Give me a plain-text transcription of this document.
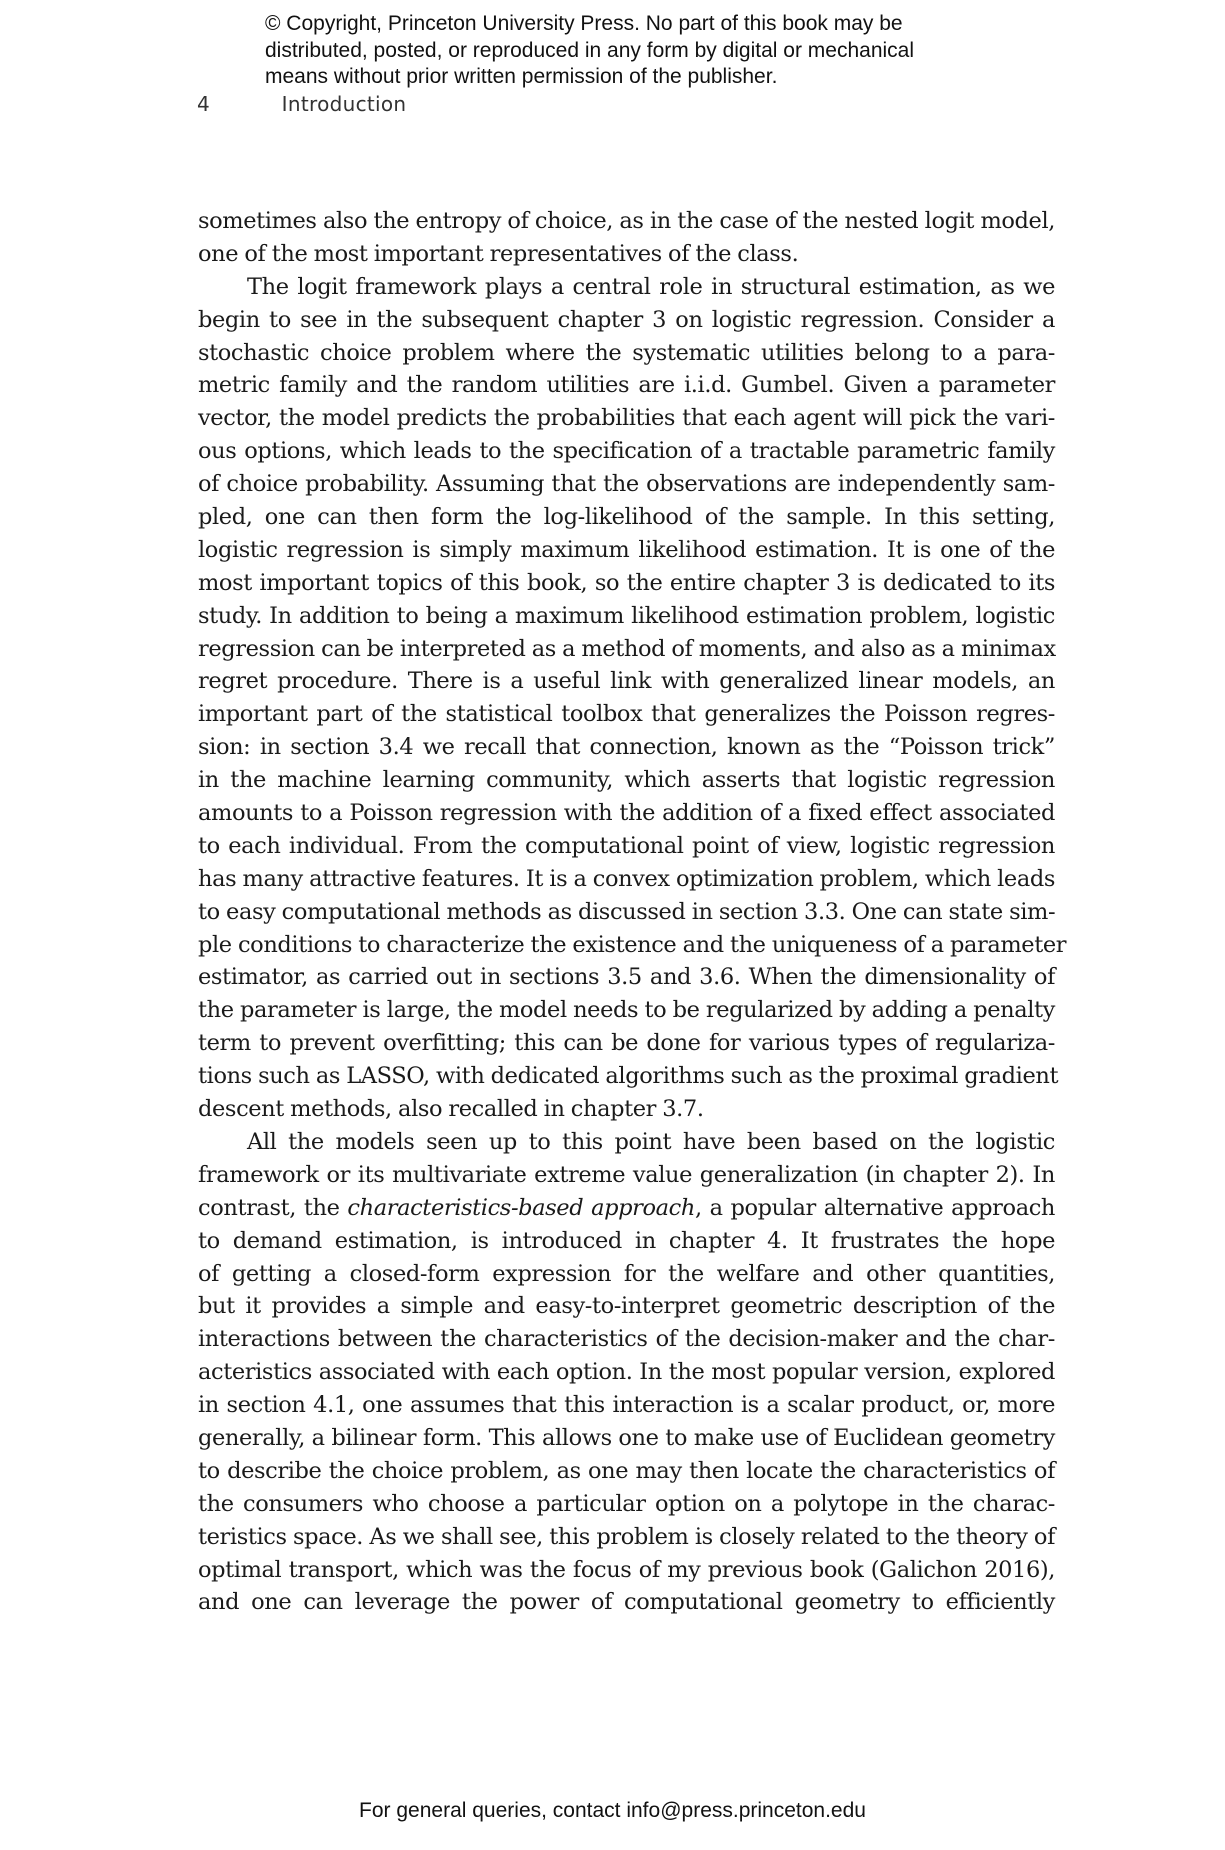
© Copyright, Princeton University Press. No part of this book may be
distributed, posted, or reproduced in any form by digital or mechanical
means without prior written permission of the publisher.
4	Introduction
sometimes also the entropy of choice, as in the case of the nested logit model,
one of the most important representatives of the class.
The logit framework plays a central role in structural estimation, as we
begin to see in the subsequent chapter 3 on logistic regression. Consider a
stochastic choice problem where the systematic utilities belong to a para-
metric family and the random utilities are i.i.d. Gumbel. Given a parameter
vector, the model predicts the probabilities that each agent will pick the vari-
ous options, which leads to the specification of a tractable parametric family
of choice probability. Assuming that the observations are independently sam-
pled, one can then form the log-likelihood of the sample. In this setting,
logistic regression is simply maximum likelihood estimation. It is one of the
most important topics of this book, so the entire chapter 3 is dedicated to its
study. In addition to being a maximum likelihood estimation problem, logistic
regression can be interpreted as a method of moments, and also as a minimax
regret procedure. There is a useful link with generalized linear models, an
important part of the statistical toolbox that generalizes the Poisson regres-
sion: in section 3.4 we recall that connection, known as the “Poisson trick”
in the machine learning community, which asserts that logistic regression
amounts to a Poisson regression with the addition of a fixed effect associated
to each individual. From the computational point of view, logistic regression
has many attractive features. It is a convex optimization problem, which leads
to easy computational methods as discussed in section 3.3. One can state sim-
ple conditions to characterize the existence and the uniqueness of a parameter
estimator, as carried out in sections 3.5 and 3.6. When the dimensionality of
the parameter is large, the model needs to be regularized by adding a penalty
term to prevent overfitting; this can be done for various types of regulariza-
tions such as LASSO, with dedicated algorithms such as the proximal gradient
descent methods, also recalled in chapter 3.7.
All the models seen up to this point have been based on the logistic
framework or its multivariate extreme value generalization (in chapter 2). In
contrast, the characteristics-based approach, a popular alternative approach
to demand estimation, is introduced in chapter 4. It frustrates the hope
of getting a closed-form expression for the welfare and other quantities,
but it provides a simple and easy-to-interpret geometric description of the
interactions between the characteristics of the decision-maker and the char-
acteristics associated with each option. In the most popular version, explored
in section 4.1, one assumes that this interaction is a scalar product, or, more
generally, a bilinear form. This allows one to make use of Euclidean geometry
to describe the choice problem, as one may then locate the characteristics of
the consumers who choose a particular option on a polytope in the charac-
teristics space. As we shall see, this problem is closely related to the theory of
optimal transport, which was the focus of my previous book (Galichon 2016),
and one can leverage the power of computational geometry to efficiently
For general queries, contact info@press.princeton.edu
